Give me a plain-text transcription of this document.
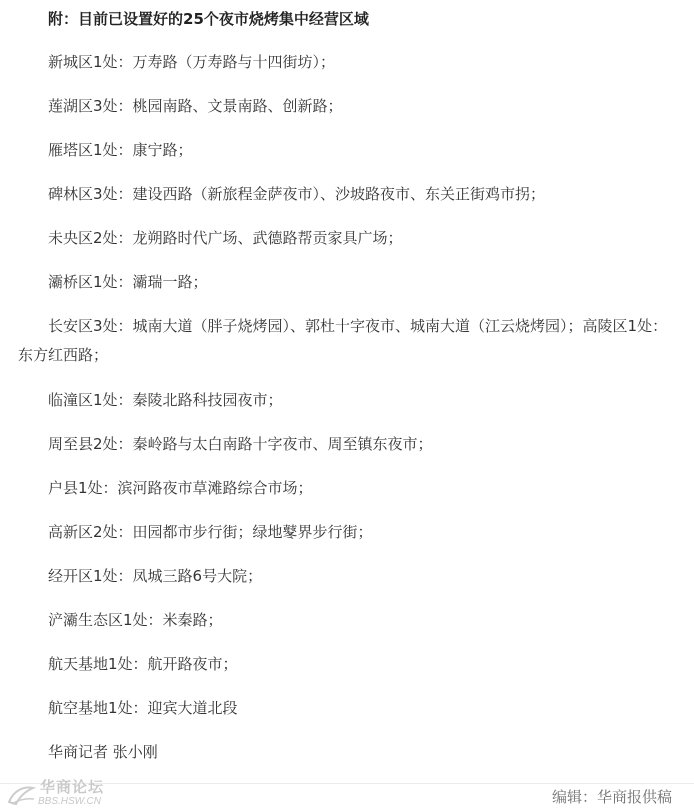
附：目前已设置好的25个夜市烧烤集中经营区域
新城区1处：万寿路（万寿路与十四街坊）；
莲湖区3处：桃园南路、文景南路、创新路；
雁塔区1处：康宁路；
碑林区3处：建设西路（新旅程金萨夜市）、沙坡路夜市、东关正街鸡市拐；
未央区2处：龙朔路时代广场、武德路帮贡家具广场；
灞桥区1处：灞瑞一路；
长安区3处：城南大道（胖子烧烤园）、郭杜十字夜市、城南大道（江云烧烤园）；高陵区1处：东方红西路；
临潼区1处：秦陵北路科技园夜市；
周至县2处：秦岭路与太白南路十字夜市、周至镇东夜市；
户县1处：滨河路夜市草滩路综合市场；
高新区2处：田园都市步行街；绿地鼕界步行街；
经开区1处：凤城三路6号大院；
浐灞生态区1处：米秦路；
航天基地1处：航开路夜市；
航空基地1处：迎宾大道北段
华商记者 张小刚
华商论坛
BBS.HSW.CN	编辑：华商报供稿
